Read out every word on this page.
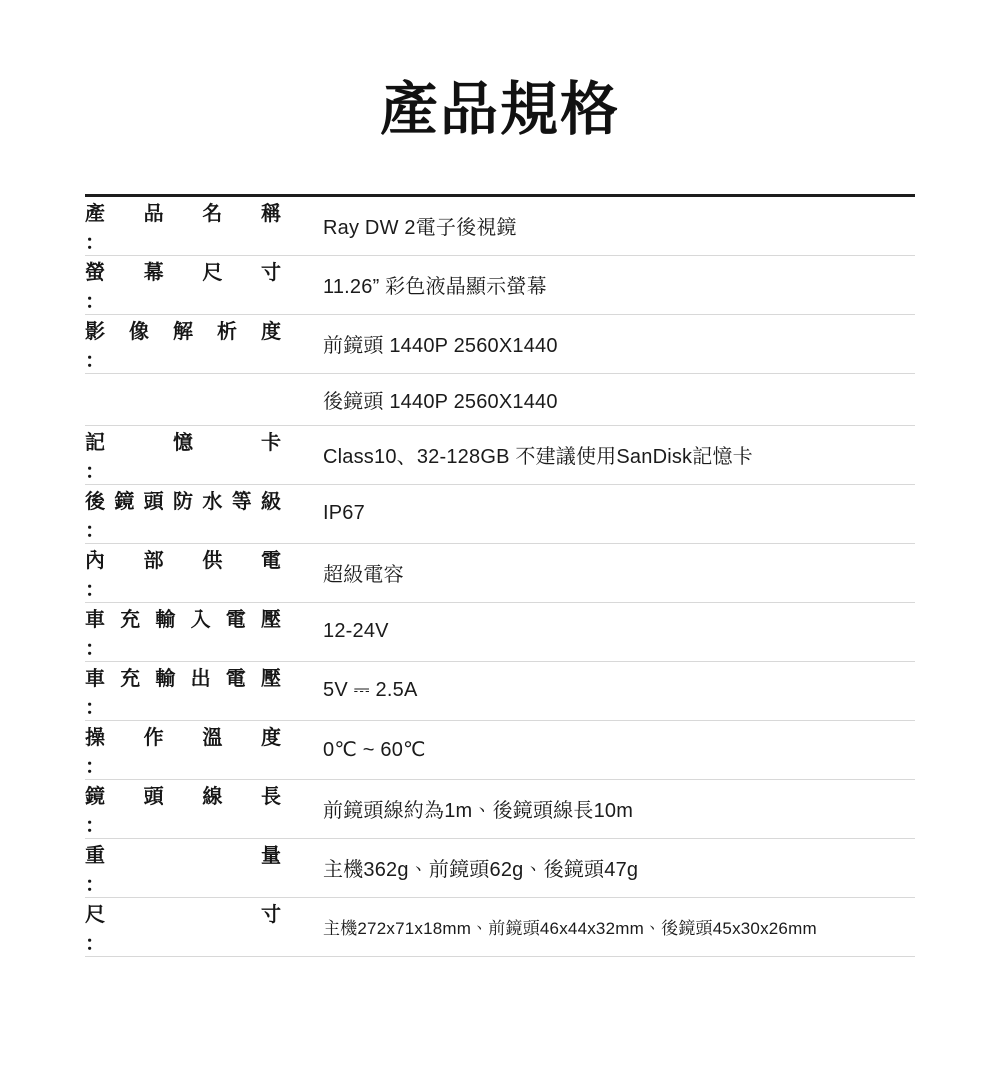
產品規格
產 品 名 稱
：	Ray DW 2電子後視鏡

螢 幕 尺 寸
：	11.26” 彩色液晶顯示螢幕

影 像 解 析 度
：	前鏡頭 1440P 2560X1440

	後鏡頭 1440P 2560X1440

記 憶 卡
：	Class10、32-128GB 不建議使用SanDisk記憶卡

後鏡頭防水等級
：	IP67

內 部 供 電
：	超級電容

車 充 輸 入 電 壓
：	12-24V

車 充 輸 出 電 壓
：	5V ⎓ 2.5A

操 作 溫 度
：	0℃ ~ 60℃

鏡 頭 線 長
：	前鏡頭線約為1m、後鏡頭線長10m

重 量
：	主機362g、前鏡頭62g、後鏡頭47g

尺 寸
：	主機272x71x18mm、前鏡頭46x44x32mm、後鏡頭45x30x26mm
